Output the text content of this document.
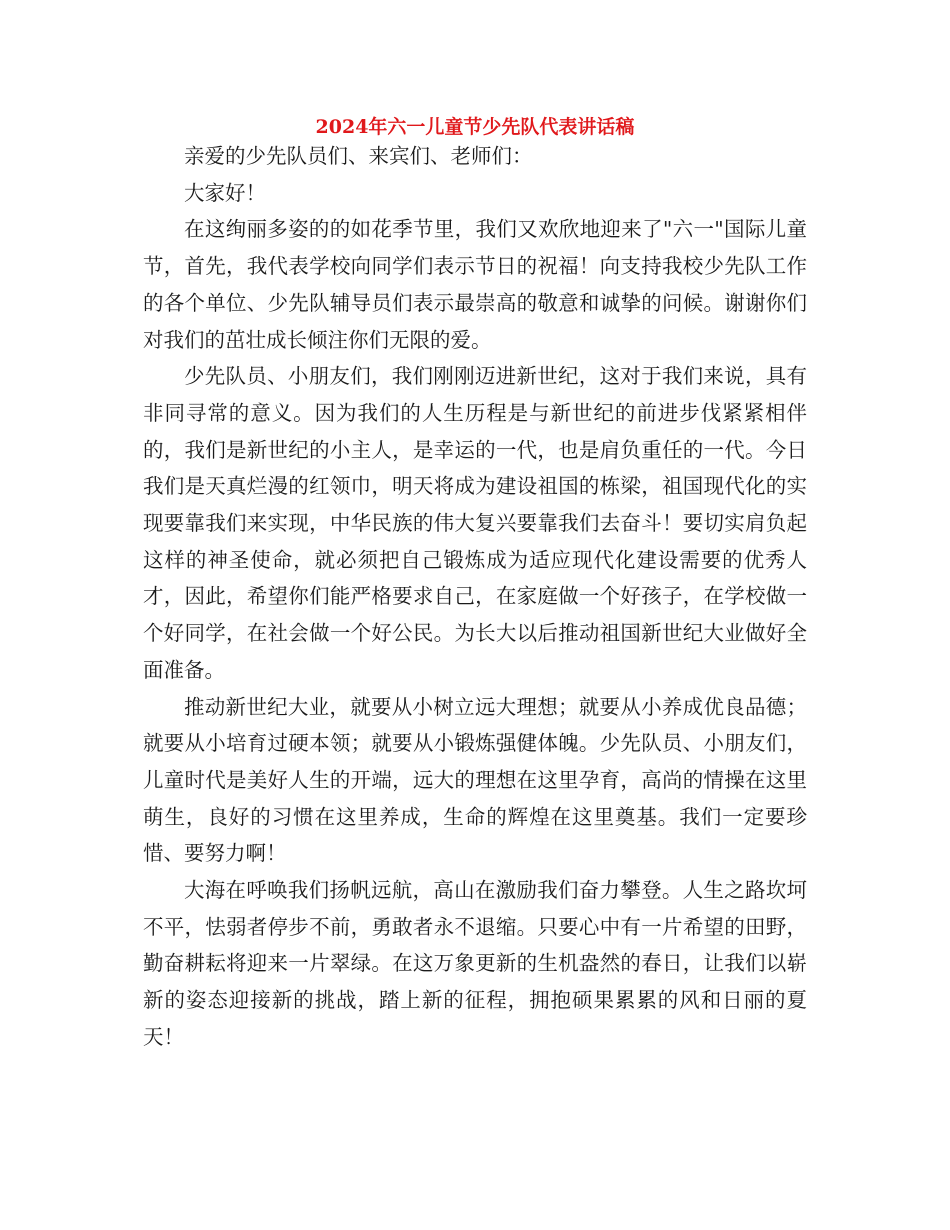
2024年六一儿童节少先队代表讲话稿

亲爱的少先队员们、来宾们、老师们：

大家好！

在这绚丽多姿的的如花季节里，我们又欢欣地迎来了"六一"国际儿童节，首先，我代表学校向同学们表示节日的祝福！向支持我校少先队工作的各个单位、少先队辅导员们表示最崇高的敬意和诚挚的问候。谢谢你们对我们的茁壮成长倾注你们无限的爱。

少先队员、小朋友们，我们刚刚迈进新世纪，这对于我们来说，具有非同寻常的意义。因为我们的人生历程是与新世纪的前进步伐紧紧相伴的，我们是新世纪的小主人，是幸运的一代，也是肩负重任的一代。今日我们是天真烂漫的红领巾，明天将成为建设祖国的栋梁，祖国现代化的实现要靠我们来实现，中华民族的伟大复兴要靠我们去奋斗！要切实肩负起这样的神圣使命，就必须把自己锻炼成为适应现代化建设需要的优秀人才，因此，希望你们能严格要求自己，在家庭做一个好孩子，在学校做一个好同学，在社会做一个好公民。为长大以后推动祖国新世纪大业做好全面准备。

推动新世纪大业，就要从小树立远大理想；就要从小养成优良品德；就要从小培育过硬本领；就要从小锻炼强健体魄。少先队员、小朋友们，儿童时代是美好人生的开端，远大的理想在这里孕育，高尚的情操在这里萌生，良好的习惯在这里养成，生命的辉煌在这里奠基。我们一定要珍惜、要努力啊！

大海在呼唤我们扬帆远航，高山在激励我们奋力攀登。人生之路坎坷不平，怯弱者停步不前，勇敢者永不退缩。只要心中有一片希望的田野，勤奋耕耘将迎来一片翠绿。在这万象更新的生机盎然的春日，让我们以崭新的姿态迎接新的挑战，踏上新的征程，拥抱硕果累累的风和日丽的夏天！
